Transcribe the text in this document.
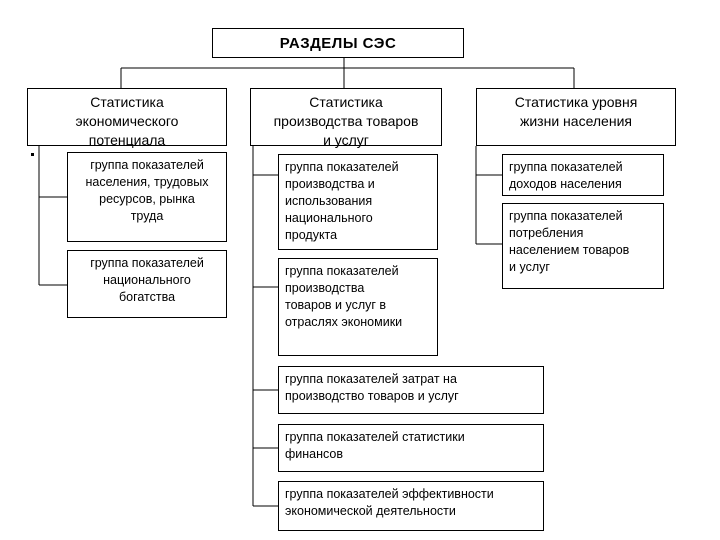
РАЗДЕЛЫ СЭС
Статистика
экономического
потенциала
Статистика
производства товаров
и услуг
Статистика уровня
жизни населения
группа показателей
населения, трудовых
ресурсов, рынка
труда
группа показателей
национального
богатства
группа показателей
производства и
использования
национального
продукта
группа показателей
производства
товаров и услуг в
отраслях экономики
группа показателей затрат на
производство товаров и услуг
группа показателей статистики
финансов
группа показателей эффективности
экономической деятельности
группа показателей
доходов населения
группа показателей
потребления
населением товаров
и услуг
